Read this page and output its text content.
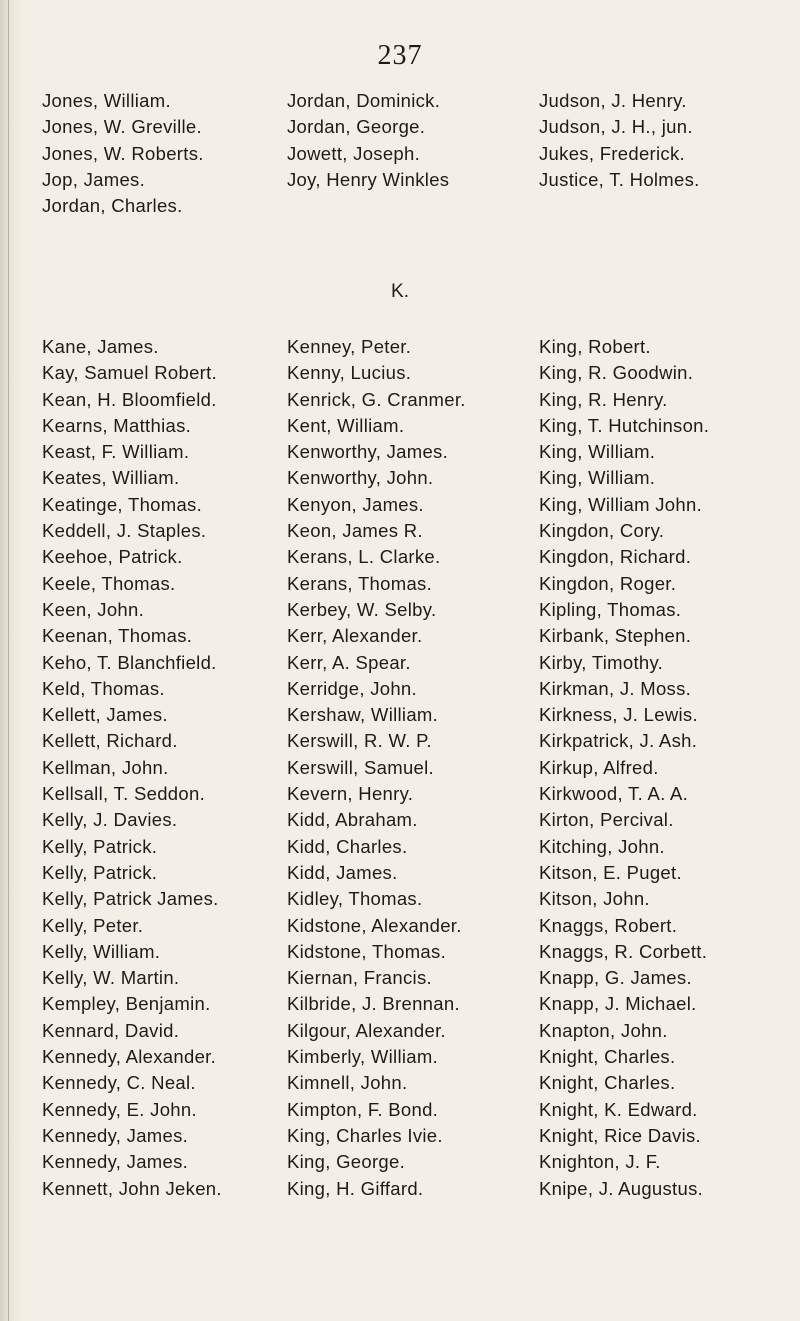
237
Jones, William.
Jones, W. Greville.
Jones, W. Roberts.
Jop, James.
Jordan, Charles.
Jordan, Dominick.
Jordan, George.
Jowett, Joseph.
Joy, Henry Winkles
Judson, J. Henry.
Judson, J. H., jun.
Jukes, Frederick.
Justice, T. Holmes.
K.
Kane, James.
Kay, Samuel Robert.
Kean, H. Bloomfield.
Kearns, Matthias.
Keast, F. William.
Keates, William.
Keatinge, Thomas.
Keddell, J. Staples.
Keehoe, Patrick.
Keele, Thomas.
Keen, John.
Keenan, Thomas.
Keho, T. Blanchfield.
Keld, Thomas.
Kellett, James.
Kellett, Richard.
Kellman, John.
Kellsall, T. Seddon.
Kelly, J. Davies.
Kelly, Patrick.
Kelly, Patrick.
Kelly, Patrick James.
Kelly, Peter.
Kelly, William.
Kelly, W. Martin.
Kempley, Benjamin.
Kennard, David.
Kennedy, Alexander.
Kennedy, C. Neal.
Kennedy, E. John.
Kennedy, James.
Kennedy, James.
Kennett, John Jeken.
Kenney, Peter.
Kenny, Lucius.
Kenrick, G. Cranmer.
Kent, William.
Kenworthy, James.
Kenworthy, John.
Kenyon, James.
Keon, James R.
Kerans, L. Clarke.
Kerans, Thomas.
Kerbey, W. Selby.
Kerr, Alexander.
Kerr, A. Spear.
Kerridge, John.
Kershaw, William.
Kerswill, R. W. P.
Kerswill, Samuel.
Kevern, Henry.
Kidd, Abraham.
Kidd, Charles.
Kidd, James.
Kidley, Thomas.
Kidstone, Alexander.
Kidstone, Thomas.
Kiernan, Francis.
Kilbride, J. Brennan.
Kilgour, Alexander.
Kimberly, William.
Kimnell, John.
Kimpton, F. Bond.
King, Charles Ivie.
King, George.
King, H. Giffard.
King, Robert.
King, R. Goodwin.
King, R. Henry.
King, T. Hutchinson.
King, William.
King, William.
King, William John.
Kingdon, Cory.
Kingdon, Richard.
Kingdon, Roger.
Kipling, Thomas.
Kirbank, Stephen.
Kirby, Timothy.
Kirkman, J. Moss.
Kirkness, J. Lewis.
Kirkpatrick, J. Ash.
Kirkup, Alfred.
Kirkwood, T. A. A.
Kirton, Percival.
Kitching, John.
Kitson, E. Puget.
Kitson, John.
Knaggs, Robert.
Knaggs, R. Corbett.
Knapp, G. James.
Knapp, J. Michael.
Knapton, John.
Knight, Charles.
Knight, Charles.
Knight, K. Edward.
Knight, Rice Davis.
Knighton, J. F.
Knipe, J. Augustus.
